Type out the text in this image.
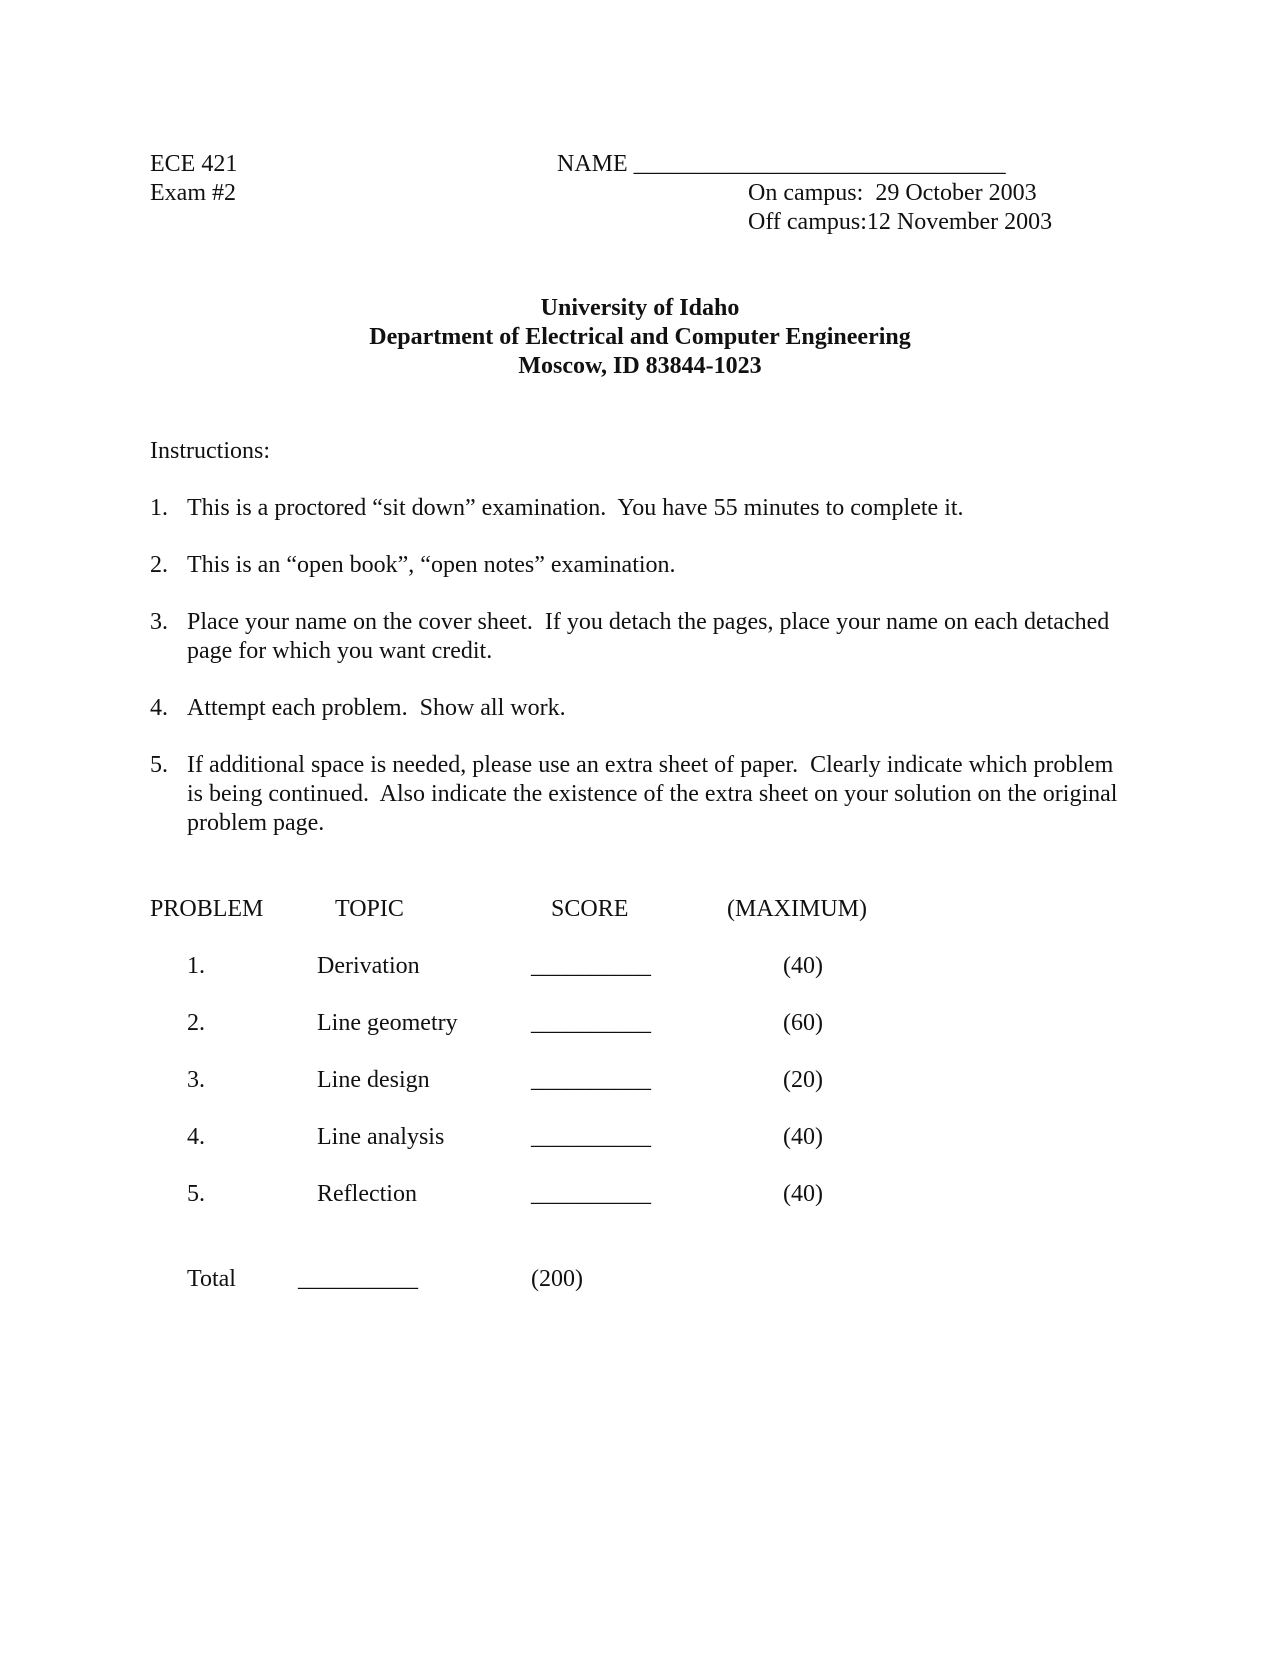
ECE 421
Exam #2
NAME _______________________________
On campus:  29 October 2003
Off campus:12 November 2003
University of Idaho
Department of Electrical and Computer Engineering
Moscow, ID 83844-1023
Instructions:
1. This is a proctored “sit down” examination.  You have 55 minutes to complete it.
2. This is an “open book”, “open notes” examination.
3. Place your name on the cover sheet.  If you detach the pages, place your name on each detached
page for which you want credit.
4. Attempt each problem.  Show all work.
5. If additional space is needed, please use an extra sheet of paper.  Clearly indicate which problem
is being continued.  Also indicate the existence of the extra sheet on your solution on the original
problem page.
PROBLEM	TOPIC	SCORE	(MAXIMUM)
1.	Derivation	__________	(40)
2.	Line geometry	__________	(60)
3.	Line design	__________	(20)
4.	Line analysis	__________	(40)
5.	Reflection	__________	(40)
Total	__________	(200)
